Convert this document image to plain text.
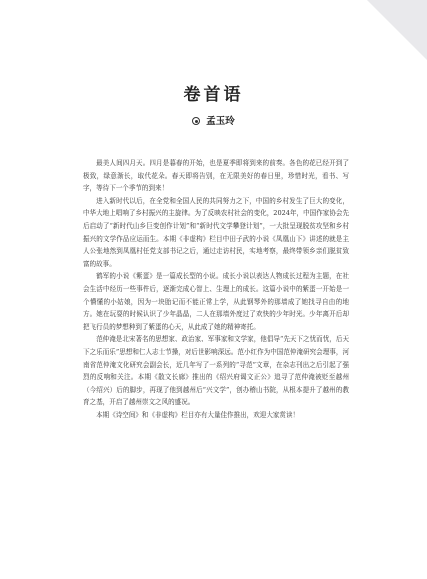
卷首语
孟玉玲

最美人间四月天。四月是暮春的开始，也是夏季即将到来的前奏。各色的花已经开到了极致，绿意渐长，取代花朵。春天即将告别，在无限美好的春日里，珍惜时光，看书、写字，等待下一个季节的到来！

进入新时代以后，在全党和全国人民的共同努力之下，中国的乡村发生了巨大的变化，中华大地上唱响了乡村振兴的主旋律。为了反映农村社会的变化，2024年，中国作家协会先后启动了“新时代山乡巨变创作计划”和“新时代文学攀登计划”，一大批呈现脱贫攻坚和乡村振兴的文学作品应运而生。本期《非虚构》栏目中田子武的小说《凤凰山下》讲述的就是主人公张地然到凤凰村任党支部书记之后，通过走访村民，实地考察，最终带领乡亲们脱贫致富的故事。

鹤军的小说《紫蛋》是一篇成长型的小说。成长小说以表达人物成长过程为主题，在社会生活中经历一些事件后，逐渐完成心智上、生理上的成长。这篇小说中的紫蛋一开始是一个懵懂的小姑娘，因为一块胎记而不能正常上学，从此钢琴外的那墙成了她找寻自由的地方。她在玩耍的时候认识了少年晶晶，二人在那墙外度过了欢快的少年时光。少年离开后却把飞行员的梦想种到了紫蛋的心天，从此成了她的精神寄托。

范仲淹是北宋著名的思想家、政治家、军事家和文学家，他倡导“先天下之忧而忧，后天下之乐而乐”思想和仁人志士节操，对后世影响深远。范小红作为中国范仲淹研究会理事，河南省范仲淹文化研究会副会长，近几年写了一系列的“寻范”文章，在杂志刊出之后引起了强烈的反响和关注。本期《散文长廊》推出的《绍兴府谒文正公》追寻了范仲淹被贬至越州（今绍兴）后的脚步，再现了他到越州后“兴文学”，创办稽山书院，从根本提升了越州的教育之基，开启了越州崇文之风的盛况。

本期《诗空间》和《非虚构》栏目亦有大量佳作推出，欢迎大家赏读！
